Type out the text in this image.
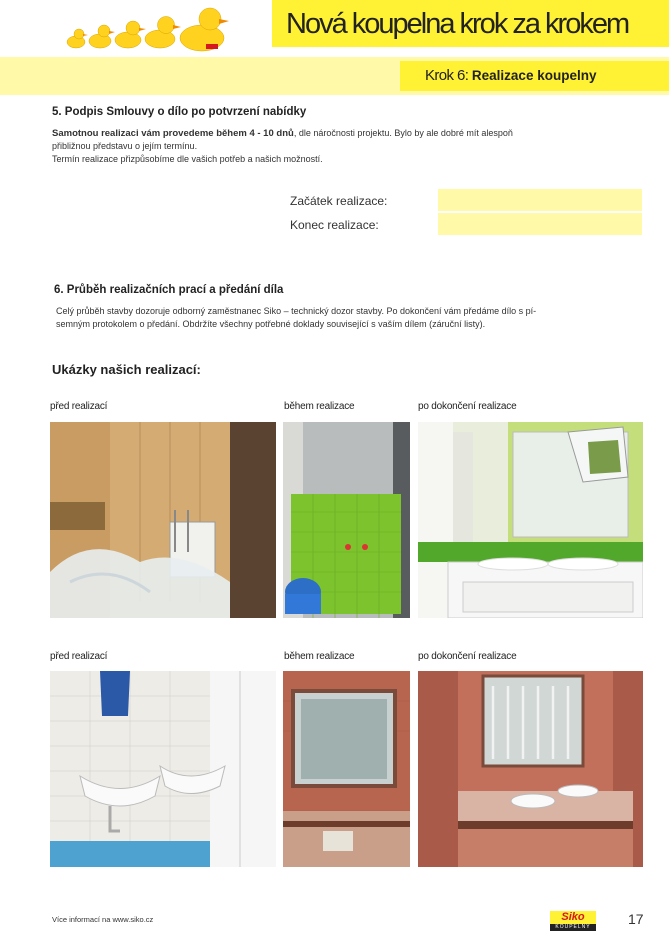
Nová koupelna krok za krokem
Krok 6: Realizace koupelny
5. Podpis Smlouvy o dílo po potvrzení nabídky
Samotnou realizaci vám provedeme během 4 - 10 dnů, dle náročnosti projektu. Bylo by ale dobré mít alespoň
přibližnou představu o jejím termínu.
Termín realizace přizpůsobíme dle vašich potřeb a našich možností.
Začátek realizace:
Konec realizace:
6. Průběh realizačních prací a předání díla
Celý průběh stavby dozoruje odborný zaměstnanec Siko – technický dozor stavby. Po dokončení vám předáme dílo s pí-
semným protokolem o předání. Obdržíte všechny potřebné doklady související s vaším dílem (záruční listy).
Ukázky našich realizací:
před realizací	během realizace	po dokončení realizace
před realizací	během realizace	po dokončení realizace
Více informací na www.siko.cz	Siko
KOUPELNY	17
